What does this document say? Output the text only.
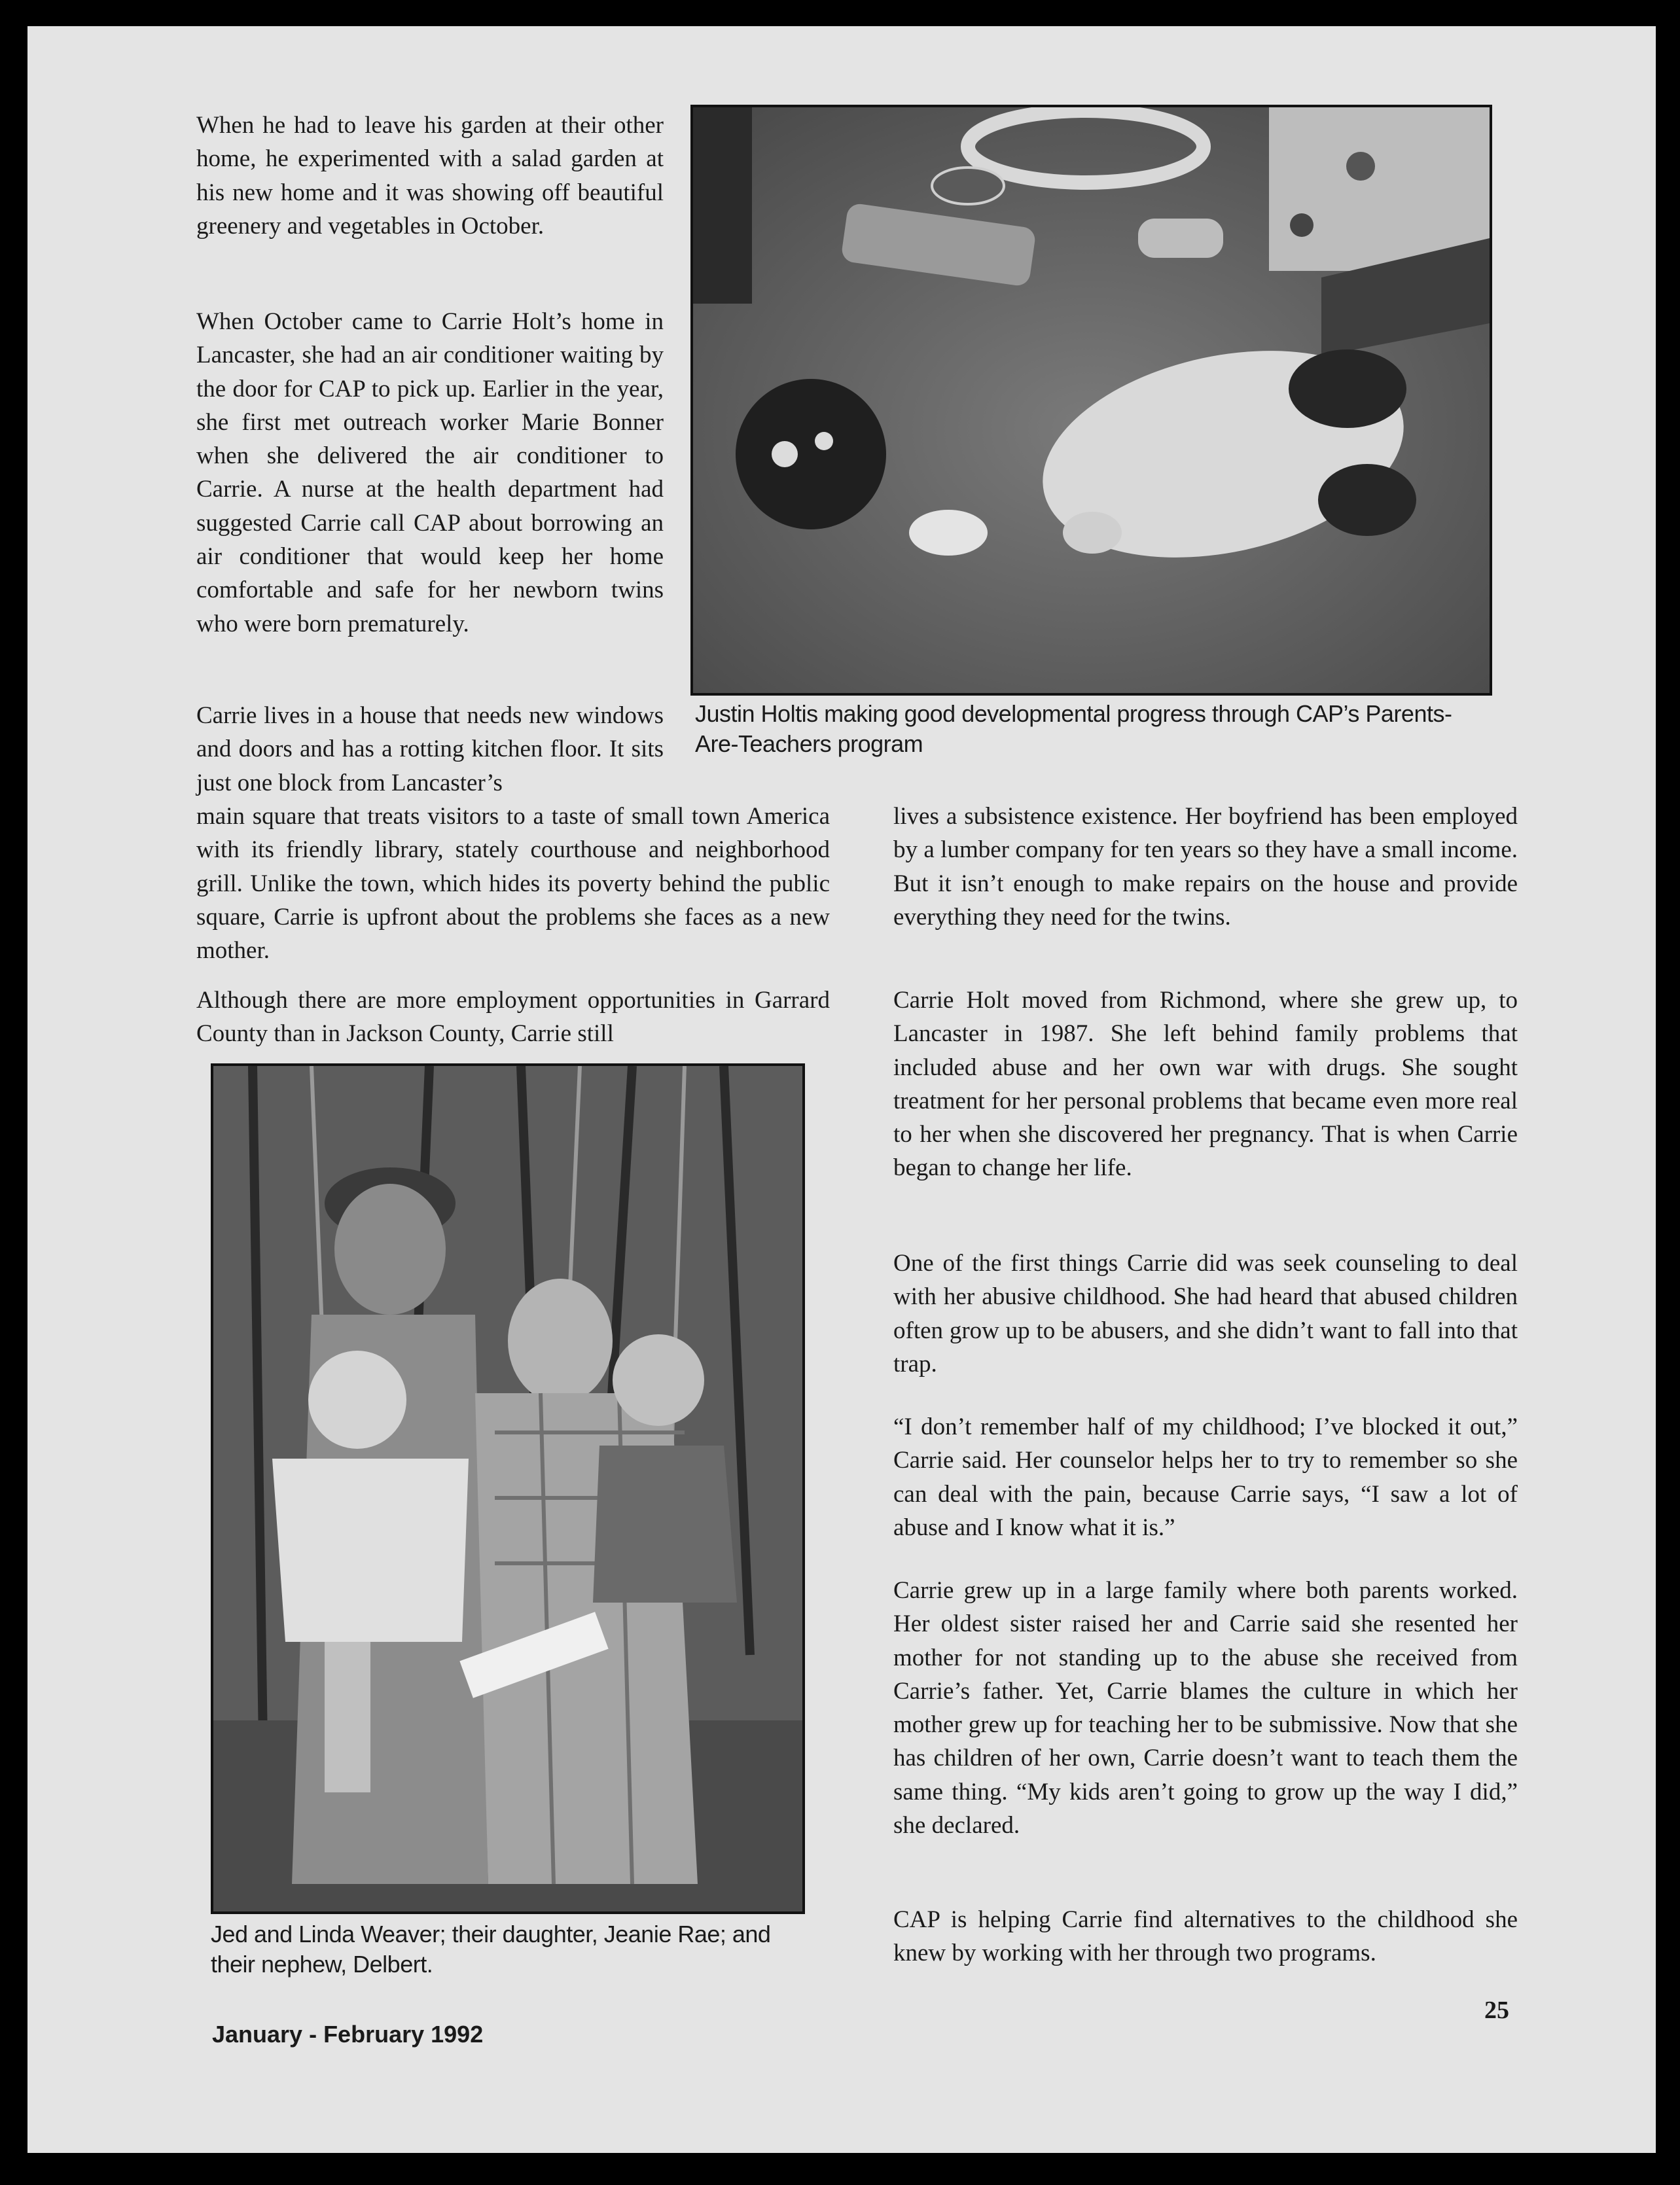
Justin Holtis making good developmental progress through CAP’s Parents-Are-Teachers program

When he had to leave his garden at their other home, he experimented with a salad garden at his new home and it was showing off beautiful greenery and vegetables in October.

When October came to Carrie Holt’s home in Lancaster, she had an air conditioner waiting by the door for CAP to pick up. Earlier in the year, she first met outreach worker Marie Bonner when she delivered the air conditioner to Carrie. A nurse at the health department had suggested Carrie call CAP about borrowing an air conditioner that would keep her home comfortable and safe for her newborn twins who were born prematurely.

Carrie lives in a house that needs new windows and doors and has a rotting kitchen floor. It sits just one block from Lancaster’s

main square that treats visitors to a taste of small town America with its friendly library, stately courthouse and neighborhood grill. Unlike the town, which hides its poverty behind the public square, Carrie is upfront about the problems she faces as a new mother.

Although there are more employment opportunities in Garrard County than in Jackson County, Carrie still

Jed and Linda Weaver; their daughter, Jeanie Rae; and their nephew, Delbert.

lives a subsistence existence. Her boyfriend has been employed by a lumber company for ten years so they have a small income. But it isn’t enough to make repairs on the house and provide everything they need for the twins.

Carrie Holt moved from Richmond, where she grew up, to Lancaster in 1987. She left behind family problems that included abuse and her own war with drugs. She sought treatment for her personal problems that became even more real to her when she discovered her pregnancy. That is when Carrie began to change her life.

One of the first things Carrie did was seek counseling to deal with her abusive childhood. She had heard that abused children often grow up to be abusers, and she didn’t want to fall into that trap.

“I don’t remember half of my childhood; I’ve blocked it out,” Carrie said. Her counselor helps her to try to remember so she can deal with the pain, because Carrie says, “I saw a lot of abuse and I know what it is.”

Carrie grew up in a large family where both parents worked. Her oldest sister raised her and Carrie said she resented her mother for not standing up to the abuse she received from Carrie’s father. Yet, Carrie blames the culture in which her mother grew up for teaching her to be submissive. Now that she has children of her own, Carrie doesn’t want to teach them the same thing. “My kids aren’t going to grow up the way I did,” she declared.

CAP is helping Carrie find alternatives to the childhood she knew by working with her through two programs.

January - February 1992
25
